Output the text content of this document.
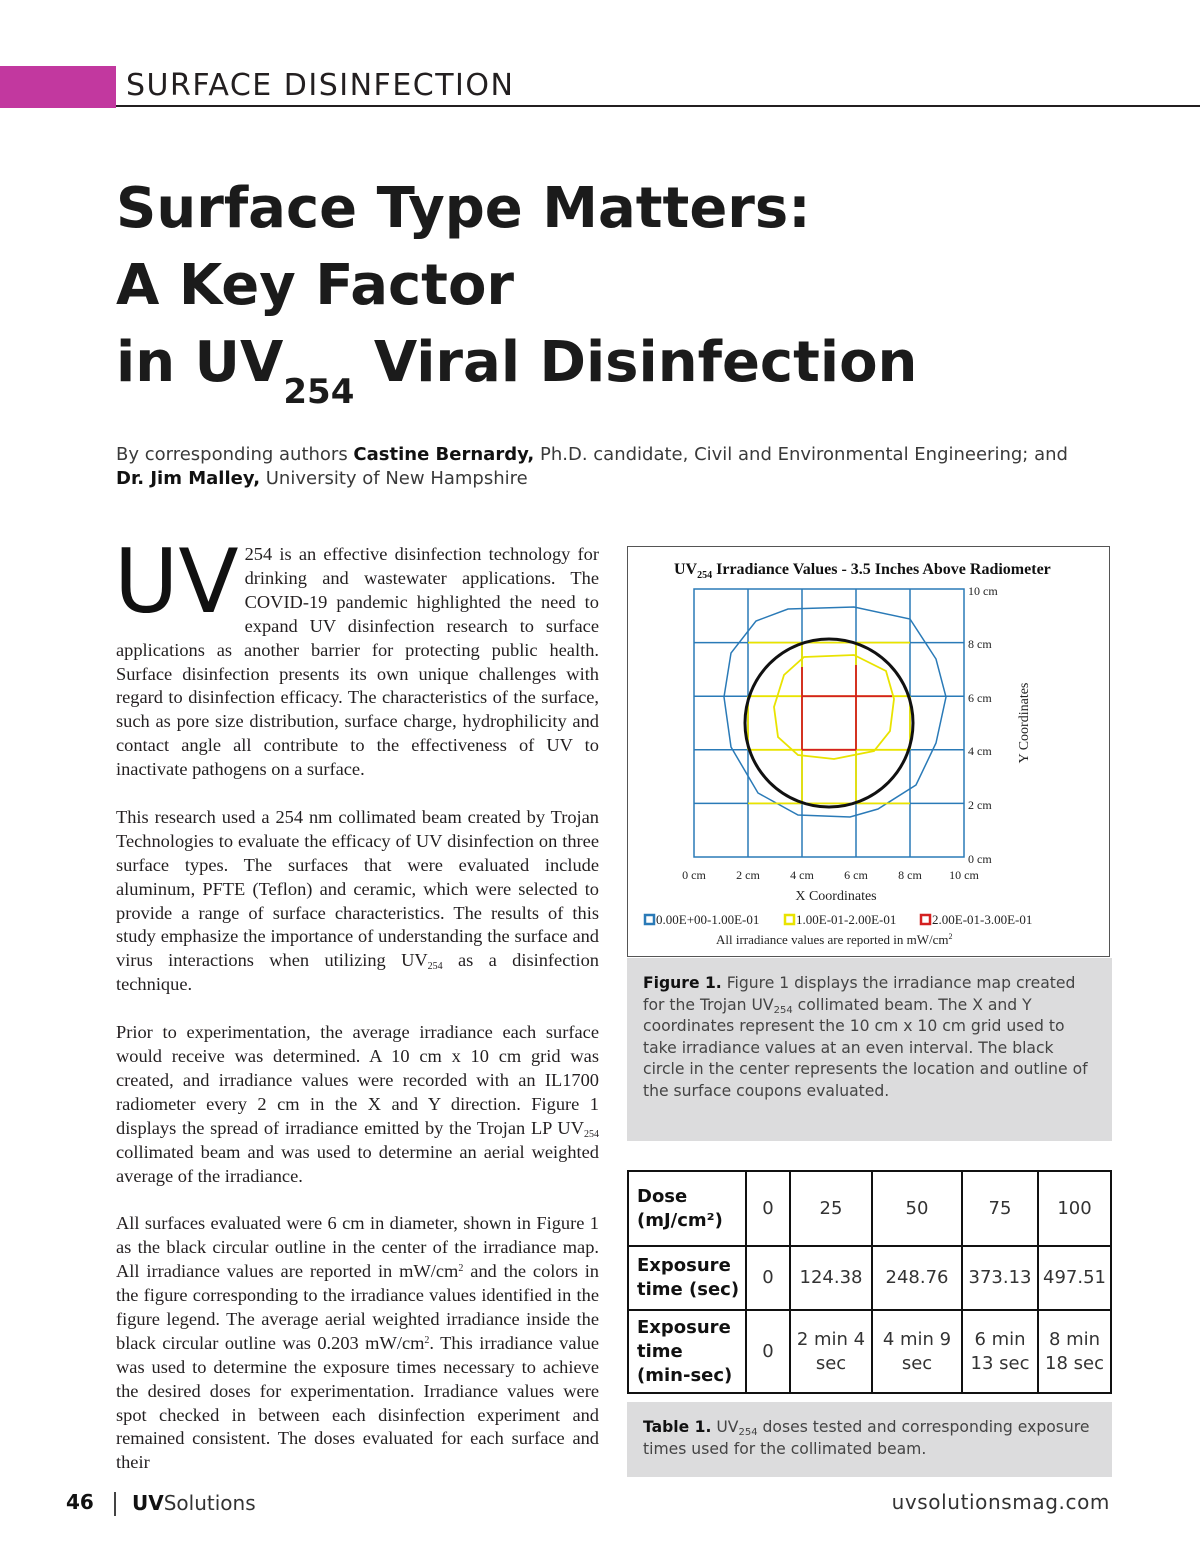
SURFACE DISINFECTION
Surface Type Matters:
A Key Factor
in $UV_{254}$ Viral Disinfection
By corresponding authors Castine Bernardy, Ph.D. candidate, Civil and Environmental Engineering; and
Dr. Jim Malley, University of New Hampshire

UV 254 is an effective disinfection technology for drinking and wastewater applications. The COVID-19 pandemic highlighted the need to expand UV disinfection research to surface applications as another barrier for protecting public health. Surface disinfection presents its own unique challenges with regard to disinfection efficacy. The characteristics of the surface, such as pore size distribution, surface charge, hydrophilicity and contact angle all contribute to the effectiveness of UV to inactivate pathogens on a surface.

This research used a 254 nm collimated beam created by Trojan Technologies to evaluate the efficacy of UV disinfection on three surface types. The surfaces that were evaluated include aluminum, PFTE (Teflon) and ceramic, which were selected to provide a range of surface characteristics. The results of this study emphasize the importance of understanding the surface and virus interactions when utilizing $UV_{254}$ as a disinfection technique.

Prior to experimentation, the average irradiance each surface would receive was determined. A 10 cm x 10 cm grid was created, and irradiance values were recorded with an IL1700 radiometer every 2 cm in the X and Y direction. Figure 1 displays the spread of irradiance emitted by the Trojan LP $UV_{254}$ collimated beam and was used to determine an aerial weighted average of the irradiance.

All surfaces evaluated were 6 cm in diameter, shown in Figure 1 as the black circular outline in the center of the irradiance map. All irradiance values are reported in $mW/cm^2$ and the colors in the figure corresponding to the irradiance values identified in the figure legend. The average aerial weighted irradiance inside the black circular outline was 0.203 $mW/cm^2$. This irradiance value was used to determine the exposure times necessary to achieve the desired doses for experimentation. Irradiance values were spot checked in between each disinfection experiment and remained consistent. The doses evaluated for each surface and their

$UV_{254}$ Irradiance Values - 3.5 Inches Above Radiometer
10 cm
8 cm
6 cm
4 cm
2 cm
0 cm
Y Coordinates
0 cm	2 cm	4 cm	6 cm	8 cm 10 cm
X Coordinates
0.00E+00-1.00E-01	1.00E-01-2.00E-01	2.00E-01-3.00E-01
All irradiance values are reported in $mW/cm^2$
Figure 1. Figure 1 displays the irradiance map created for the Trojan $UV_{254}$ collimated beam. The X and Y coordinates represent the 10 cm x 10 cm grid used to take irradiance values at an even interval. The black circle in the center represents the location and outline of the surface coupons evaluated.
Dose (mJ/cm²)	0	25	50	75	100
Exposure time (sec)	0	124.38	248.76	373.13	497.51
Exposure time (min-sec)	0	2 min 4 sec	4 min 9 sec	6 min 13 sec	8 min 18 sec
Table 1. $UV_{254}$ doses tested and corresponding exposure times used for the collimated beam.
46 UVSolutions	uvsolutionsmag.com
